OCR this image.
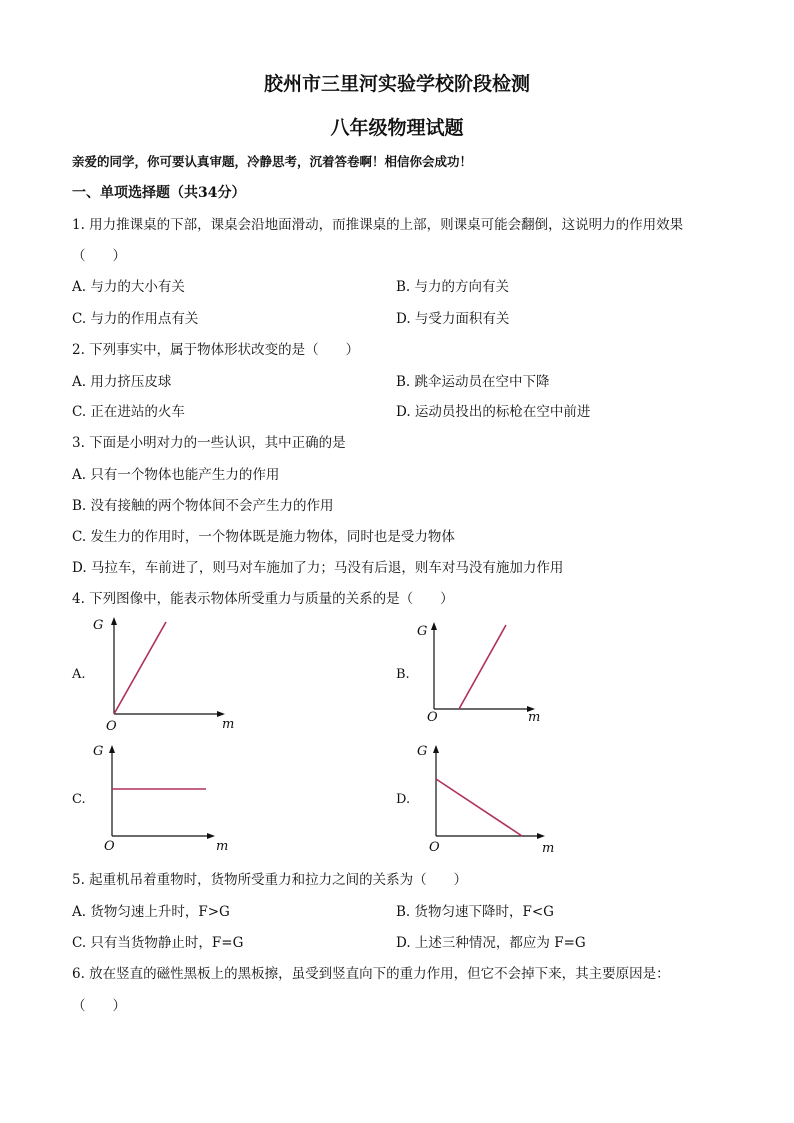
胶州市三里河实验学校阶段检测
八年级物理试题
亲爱的同学，你可要认真审题，冷静思考，沉着答卷啊！相信你会成功！
一、单项选择题（共34分）
1. 用力推课桌的下部，课桌会沿地面滑动，而推课桌的上部，则课桌可能会翻倒，这说明力的作用效果
（　　）
A. 与力的大小有关	B. 与力的方向有关
C. 与力的作用点有关	D. 与受力面积有关
2. 下列事实中，属于物体形状改变的是（　　）
A. 用力挤压皮球	B. 跳伞运动员在空中下降
C. 正在进站的火车	D. 运动员投出的标枪在空中前进
3. 下面是小明对力的一些认识，其中正确的是
A. 只有一个物体也能产生力的作用
B. 没有接触的两个物体间不会产生力的作用
C. 发生力的作用时，一个物体既是施力物体，同时也是受力物体
D. 马拉车，车前进了，则马对车施加了力；马没有后退，则车对马没有施加力作用
4. 下列图像中，能表示物体所受重力与质量的关系的是（　　）
A.
G
O	m
B.
G
O	m
C.
G
O	m
D.
G
O	m
5. 起重机吊着重物时，货物所受重力和拉力之间的关系为（　　）
A. 货物匀速上升时，F>G	B. 货物匀速下降时，F<G
C. 只有当货物静止时，F=G	D. 上述三种情况，都应为 F=G
6. 放在竖直的磁性黑板上的黑板擦，虽受到竖直向下的重力作用，但它不会掉下来，其主要原因是：
（　　）
